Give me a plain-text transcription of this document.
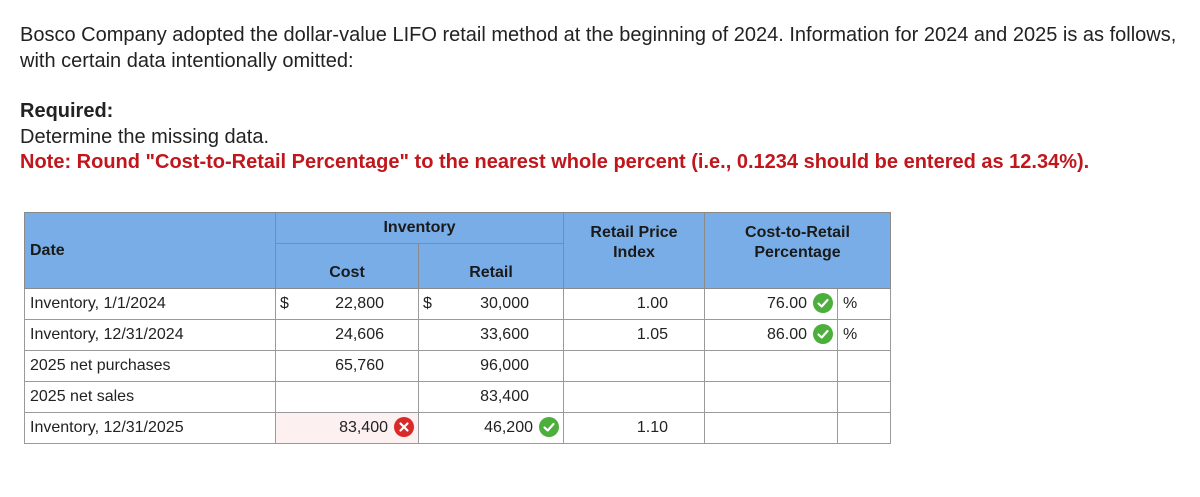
Bosco Company adopted the dollar-value LIFO retail method at the beginning of 2024. Information for 2024 and 2025 is as follows, with certain data intentionally omitted:
Required:
Determine the missing data.
Note: Round "Cost-to-Retail Percentage" to the nearest whole percent (i.e., 0.1234 should be entered as 12.34%).
Date	Inventory				Retail Price
Index	Cost-to-Retail
Percentage	
	Cost		Retail				
Inventory, 1/1/2024	$	22,800	$	30,000	1.00	76.00	%
Inventory, 12/31/2024		24,606		33,600	1.05	86.00	%
2025 net purchases		65,760		96,000			
2025 net sales				83,400			
Inventory, 12/31/2025		83,400		46,200	1.10		
